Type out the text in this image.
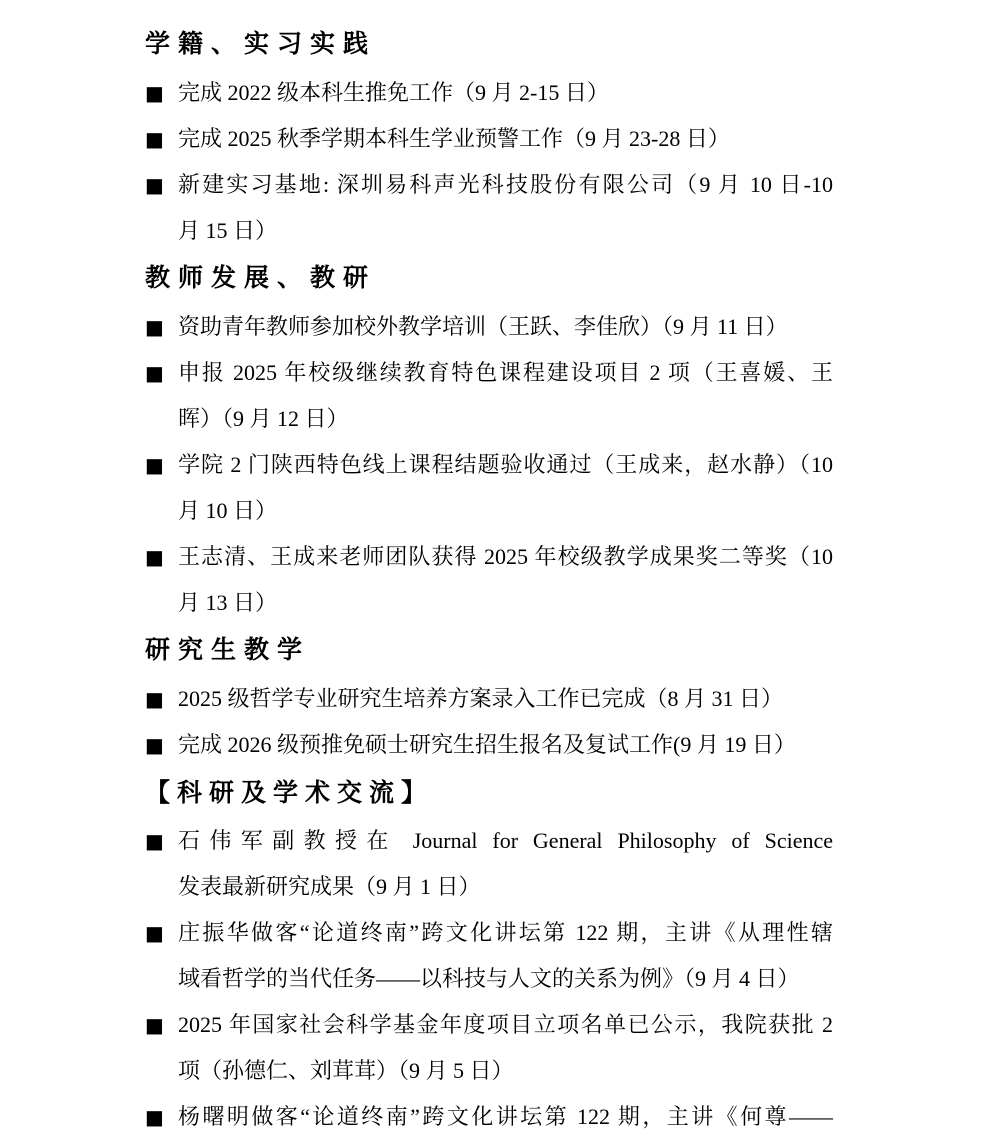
学籍、实习实践
■ 完成 2022 级本科生推免工作（9 月 2-15 日）
■ 完成 2025 秋季学期本科生学业预警工作（9 月 23-28 日）
■ 新建实习基地: 深圳易科声光科技股份有限公司（9 月 10 日-10
月 15 日）
教师发展、教研
■ 资助青年教师参加校外教学培训（王跃、李佳欣）（9 月 11 日）
■ 申报 2025 年校级继续教育特色课程建设项目 2 项（王喜媛、王
晖）（9 月 12 日）
■ 学院 2 门陕西特色线上课程结题验收通过（王成来，赵水静）（10
月 10 日）
■ 王志清、王成来老师团队获得 2025 年校级教学成果奖二等奖（10
月 13 日）
研究生教学
■ 2025 级哲学专业研究生培养方案录入工作已完成（8 月 31 日）
■ 完成 2026 级预推免硕士研究生招生报名及复试工作(9 月 19 日）
【科研及学术交流】
■ 石伟军副教授在 Journal for General Philosophy of Science
发表最新研究成果（9 月 1 日）
■ 庄振华做客“论道终南”跨文化讲坛第 122 期，主讲《从理性辖
域看哲学的当代任务——以科技与人文的关系为例》（9 月 4 日）
■ 2025 年国家社会科学基金年度项目立项名单已公示，我院获批 2
项（孙德仁、刘茸茸）（9 月 5 日）
■ 杨曙明做客“论道终南”跨文化讲坛第 122 期，主讲《何尊——
